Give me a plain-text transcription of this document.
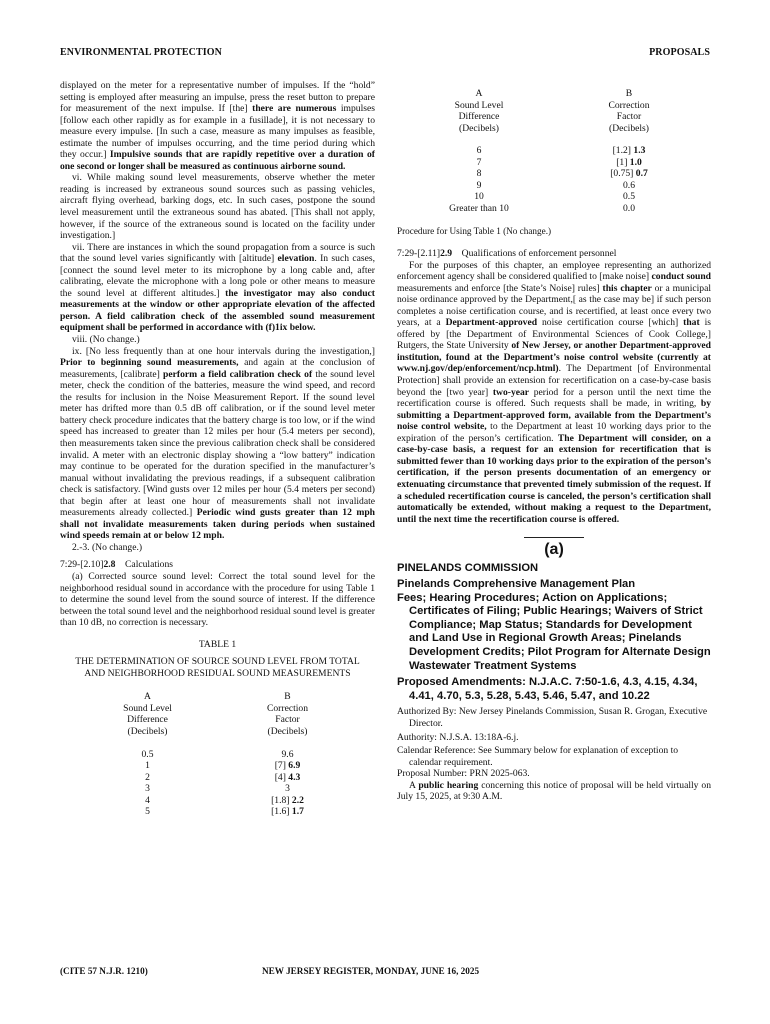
ENVIRONMENTAL PROTECTION	PROPOSALS

displayed on the meter for a representative number of impulses. If the “hold” setting is employed after measuring an impulse, press the reset button to prepare for measurement of the next impulse. If [the] there are numerous impulses [follow each other rapidly as for example in a fusillade], it is not necessary to measure every impulse. [In such a case, measure as many impulses as feasible, estimate the number of impulses occurring, and the time period during which they occur.] Impulsive sounds that are rapidly repetitive over a duration of one second or longer shall be measured as continuous airborne sound.

vi. While making sound level measurements, observe whether the meter reading is increased by extraneous sound sources such as passing vehicles, aircraft flying overhead, barking dogs, etc. In such cases, postpone the sound level measurement until the extraneous sound has abated. [This shall not apply, however, if the source of the extraneous sound is located on the facility under investigation.]

vii. There are instances in which the sound propagation from a source is such that the sound level varies significantly with [altitude] elevation. In such cases, [connect the sound level meter to its microphone by a long cable and, after calibrating, elevate the microphone with a long pole or other means to measure the sound level at different altitudes.] the investigator may also conduct measurements at the window or other appropriate elevation of the affected person. A field calibration check of the assembled sound measurement equipment shall be performed in accordance with (f)1ix below.

viii. (No change.)

ix. [No less frequently than at one hour intervals during the investigation,] Prior to beginning sound measurements, and again at the conclusion of measurements, [calibrate] perform a field calibration check of the sound level meter, check the condition of the batteries, measure the wind speed, and record the results for inclusion in the Noise Measurement Report. If the sound level meter has drifted more than 0.5 dB off calibration, or if the sound level meter battery check procedure indicates that the battery charge is too low, or if the wind speed has increased to greater than 12 miles per hour (5.4 meters per second), then measurements taken since the previous calibration check shall be considered invalid. A meter with an electronic display showing a “low battery” indication may continue to be operated for the duration specified in the manufacturer’s manual without invalidating the previous readings, if a subsequent calibration check is satisfactory. [Wind gusts over 12 miles per hour (5.4 meters per second) that begin after at least one hour of measurements shall not invalidate measurements already collected.] Periodic wind gusts greater than 12 mph shall not invalidate measurements taken during periods when sustained wind speeds remain at or below 12 mph.

2.-3. (No change.)

7:29-[2.10]2.8 Calculations

(a) Corrected source sound level: Correct the total sound level for the neighborhood residual sound in accordance with the procedure for using Table 1 to determine the sound level from the sound source of interest. If the difference between the total sound level and the neighborhood residual sound level is greater than 10 dB, no correction is necessary.

TABLE 1

THE DETERMINATION OF SOURCE SOUND LEVEL FROM TOTAL AND NEIGHBORHOOD RESIDUAL SOUND MEASUREMENTS

A	B
Sound Level	Correction
Difference	Factor
(Decibels)	(Decibels)

0.5	9.6
1	[7] 6.9
2	[4] 4.3
3	3
4	[1.8] 2.2
5	[1.6] 1.7
A	B
Sound Level	Correction
Difference	Factor
(Decibels)	(Decibels)

6	[1.2] 1.3
7	[1] 1.0
8	[0.75] 0.7
9	0.6
10	0.5
Greater than 10	0.0

Procedure for Using Table 1 (No change.)

7:29-[2.11]2.9 Qualifications of enforcement personnel

For the purposes of this chapter, an employee representing an authorized enforcement agency shall be considered qualified to [make noise] conduct sound measurements and enforce [the State’s Noise] rules] this chapter or a municipal noise ordinance approved by the Department,[ as the case may be] if such person completes a noise certification course, and is recertified, at least once every two years, at a Department-approved noise certification course [which] that is offered by [the Department of Environmental Sciences of Cook College,] Rutgers, the State University of New Jersey, or another Department-approved institution, found at the Department’s noise control website (currently at www.nj.gov/dep/enforcement/ncp.html). The Department [of Environmental Protection] shall provide an extension for recertification on a case-by-case basis beyond the [two year] two-year period for a person until the next time the recertification course is offered. Such requests shall be made, in writing, by submitting a Department-approved form, available from the Department’s noise control website, to the Department at least 10 working days prior to the expiration of the person’s certification. The Department will consider, on a case-by-case basis, a request for an extension for recertification that is submitted fewer than 10 working days prior to the expiration of the person’s certification, if the person presents documentation of an emergency or extenuating circumstance that prevented timely submission of the request. If a scheduled recertification course is canceled, the person’s certification shall automatically be extended, without making a request to the Department, until the next time the recertification course is offered.

(a)
PINELANDS COMMISSION
Pinelands Comprehensive Management Plan
Fees; Hearing Procedures; Action on Applications; Certificates of Filing; Public Hearings; Waivers of Strict Compliance; Map Status; Standards for Development and Land Use in Regional Growth Areas; Pinelands Development Credits; Pilot Program for Alternate Design Wastewater Treatment Systems
Proposed Amendments: N.J.A.C. 7:50-1.6, 4.3, 4.15, 4.34, 4.41, 4.70, 5.3, 5.28, 5.43, 5.46, 5.47, and 10.22

Authorized By: New Jersey Pinelands Commission, Susan R. Grogan, Executive Director.

Authority: N.J.S.A. 13:18A-6.j.

Calendar Reference: See Summary below for explanation of exception to calendar requirement.

Proposal Number: PRN 2025-063.

A public hearing concerning this notice of proposal will be held virtually on July 15, 2025, at 9:30 A.M.

(CITE 57 N.J.R. 1210)	NEW JERSEY REGISTER, MONDAY, JUNE 16, 2025
